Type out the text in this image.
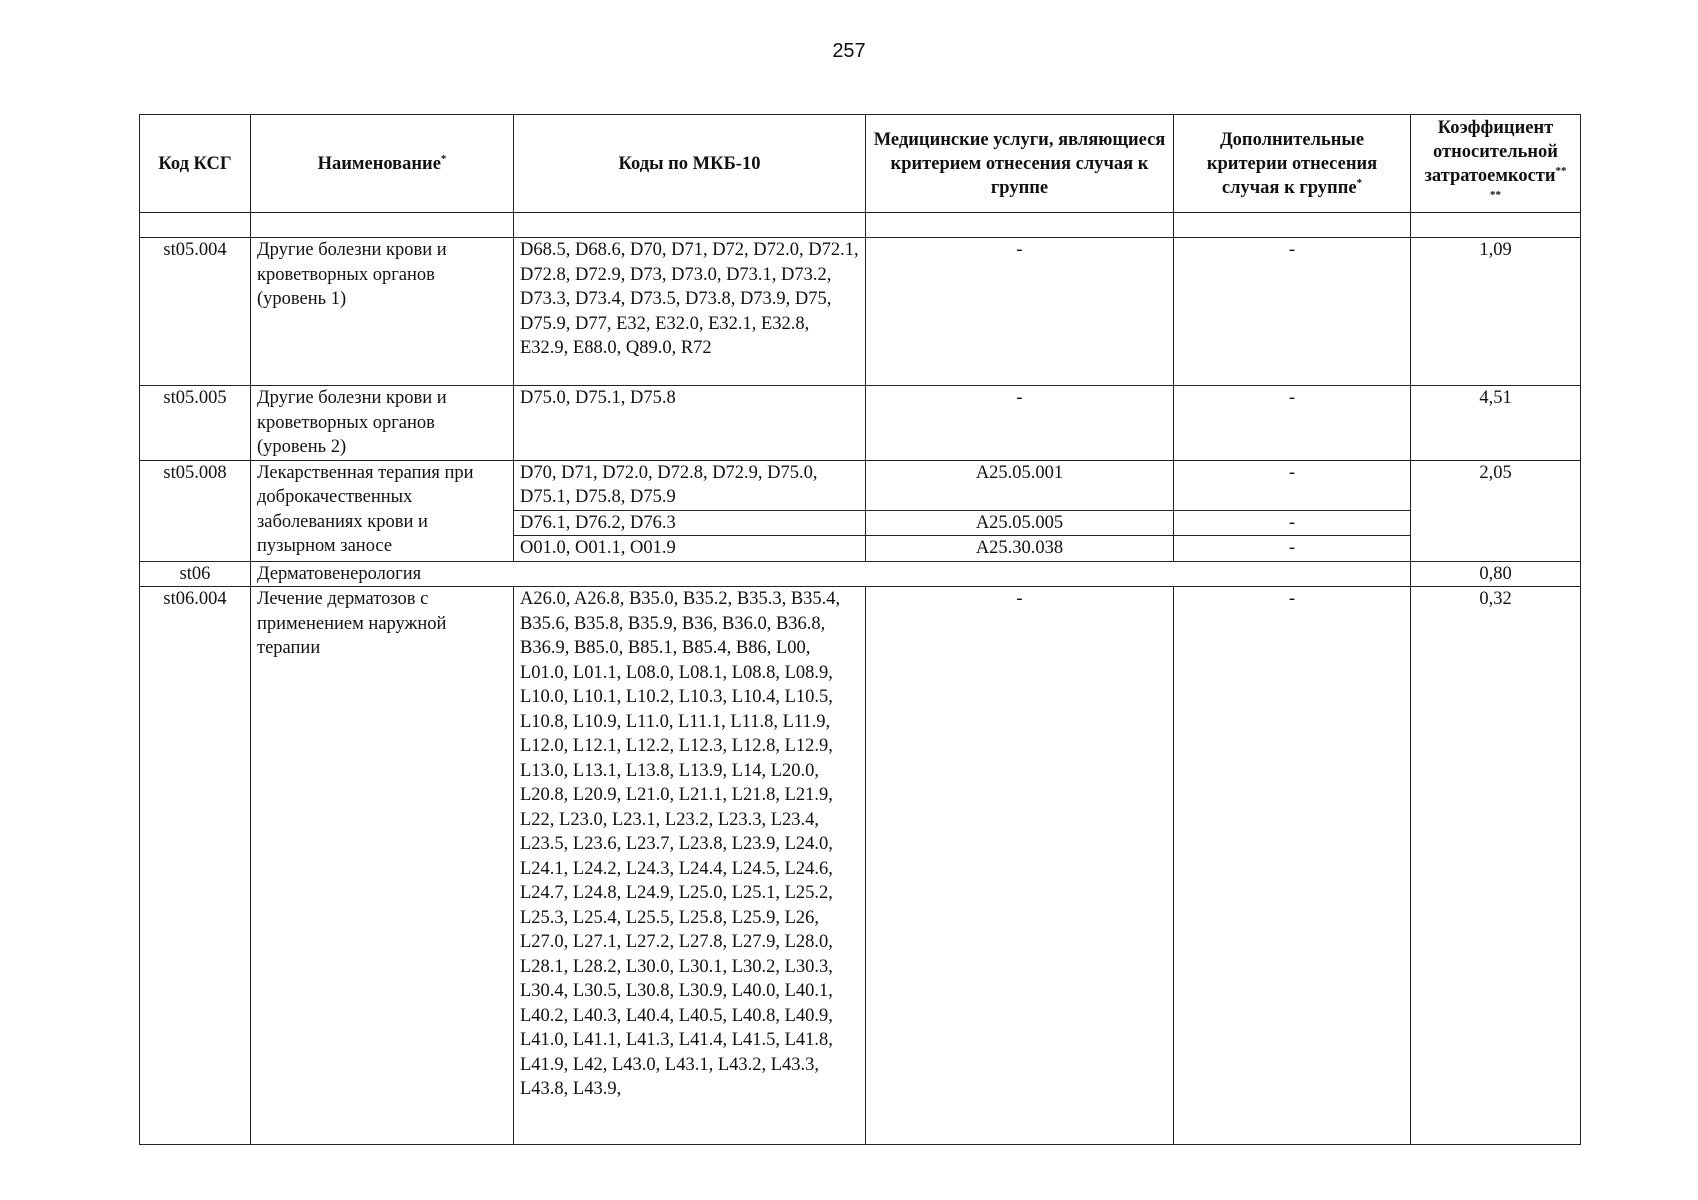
257
Код КСГ	Наименование*	Коды по МКБ-10	Медицинские услуги, являющиеся критерием отнесения случая к группе	Дополнительные критерии отнесения случая к группе*	Коэффициент относительной затратоемкости**
**

st05.004	Другие болезни крови и кроветворных органов (уровень 1)	D68.5, D68.6, D70, D71, D72, D72.0, D72.1, D72.8, D72.9, D73, D73.0, D73.1, D73.2, D73.3, D73.4, D73.5, D73.8, D73.9, D75, D75.9, D77, E32, E32.0, E32.1, E32.8, E32.9, E88.0, Q89.0, R72	-	-	1,09
st05.005	Другие болезни крови и кроветворных органов (уровень 2)	D75.0, D75.1, D75.8	-	-	4,51
st05.008	Лекарственная терапия при доброкачественных заболеваниях крови и пузырном заносе	D70, D71, D72.0, D72.8, D72.9, D75.0, D75.1, D75.8, D75.9	A25.05.001	-	2,05
		D76.1, D76.2, D76.3	A25.05.005	-	
		O01.0, O01.1, O01.9	A25.30.038	-	
st06	Дерматовенерология				0,80
st06.004	Лечение дерматозов с применением наружной терапии	A26.0, A26.8, B35.0, B35.2, B35.3, B35.4, B35.6, B35.8, B35.9, B36, B36.0, B36.8, B36.9, B85.0, B85.1, B85.4, B86, L00, L01.0, L01.1, L08.0, L08.1, L08.8, L08.9, L10.0, L10.1, L10.2, L10.3, L10.4, L10.5, L10.8, L10.9, L11.0, L11.1, L11.8, L11.9, L12.0, L12.1, L12.2, L12.3, L12.8, L12.9, L13.0, L13.1, L13.8, L13.9, L14, L20.0, L20.8, L20.9, L21.0, L21.1, L21.8, L21.9, L22, L23.0, L23.1, L23.2, L23.3, L23.4, L23.5, L23.6, L23.7, L23.8, L23.9, L24.0, L24.1, L24.2, L24.3, L24.4, L24.5, L24.6, L24.7, L24.8, L24.9, L25.0, L25.1, L25.2, L25.3, L25.4, L25.5, L25.8, L25.9, L26, L27.0, L27.1, L27.2, L27.8, L27.9, L28.0, L28.1, L28.2, L30.0, L30.1, L30.2, L30.3, L30.4, L30.5, L30.8, L30.9, L40.0, L40.1, L40.2, L40.3, L40.4, L40.5, L40.8, L40.9, L41.0, L41.1, L41.3, L41.4, L41.5, L41.8, L41.9, L42, L43.0, L43.1, L43.2, L43.3, L43.8, L43.9,	-	-	0,32
